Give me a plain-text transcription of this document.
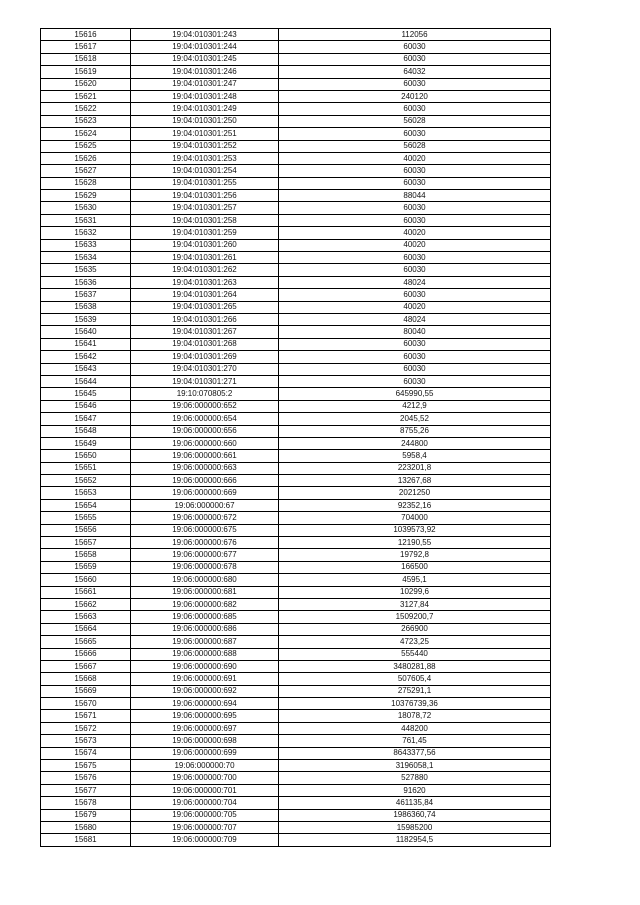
15616	19:04:010301:243	112056
15617	19:04:010301:244	60030
15618	19:04:010301:245	60030
15619	19:04:010301:246	64032
15620	19:04:010301:247	60030
15621	19:04:010301:248	240120
15622	19:04:010301:249	60030
15623	19:04:010301:250	56028
15624	19:04:010301:251	60030
15625	19:04:010301:252	56028
15626	19:04:010301:253	40020
15627	19:04:010301:254	60030
15628	19:04:010301:255	60030
15629	19:04:010301:256	88044
15630	19:04:010301:257	60030
15631	19:04:010301:258	60030
15632	19:04:010301:259	40020
15633	19:04:010301:260	40020
15634	19:04:010301:261	60030
15635	19:04:010301:262	60030
15636	19:04:010301:263	48024
15637	19:04:010301:264	60030
15638	19:04:010301:265	40020
15639	19:04:010301:266	48024
15640	19:04:010301:267	80040
15641	19:04:010301:268	60030
15642	19:04:010301:269	60030
15643	19:04:010301:270	60030
15644	19:04:010301:271	60030
15645	19:10:070805:2	645990,55
15646	19:06:000000:652	4212,9
15647	19:06:000000:654	2045,52
15648	19:06:000000:656	8755,26
15649	19:06:000000:660	244800
15650	19:06:000000:661	5958,4
15651	19:06:000000:663	223201,8
15652	19:06:000000:666	13267,68
15653	19:06:000000:669	2021250
15654	19:06:000000:67	92352,16
15655	19:06:000000:672	704000
15656	19:06:000000:675	1039573,92
15657	19:06:000000:676	12190,55
15658	19:06:000000:677	19792,8
15659	19:06:000000:678	166500
15660	19:06:000000:680	4595,1
15661	19:06:000000:681	10299,6
15662	19:06:000000:682	3127,84
15663	19:06:000000:685	1509200,7
15664	19:06:000000:686	266900
15665	19:06:000000:687	4723,25
15666	19:06:000000:688	555440
15667	19:06:000000:690	3480281,88
15668	19:06:000000:691	507605,4
15669	19:06:000000:692	275291,1
15670	19:06:000000:694	10376739,36
15671	19:06:000000:695	18078,72
15672	19:06:000000:697	448200
15673	19:06:000000:698	761,45
15674	19:06:000000:699	8643377,56
15675	19:06:000000:70	3196058,1
15676	19:06:000000:700	527880
15677	19:06:000000:701	91620
15678	19:06:000000:704	461135,84
15679	19:06:000000:705	1986360,74
15680	19:06:000000:707	15985200
15681	19:06:000000:709	1182954,5
